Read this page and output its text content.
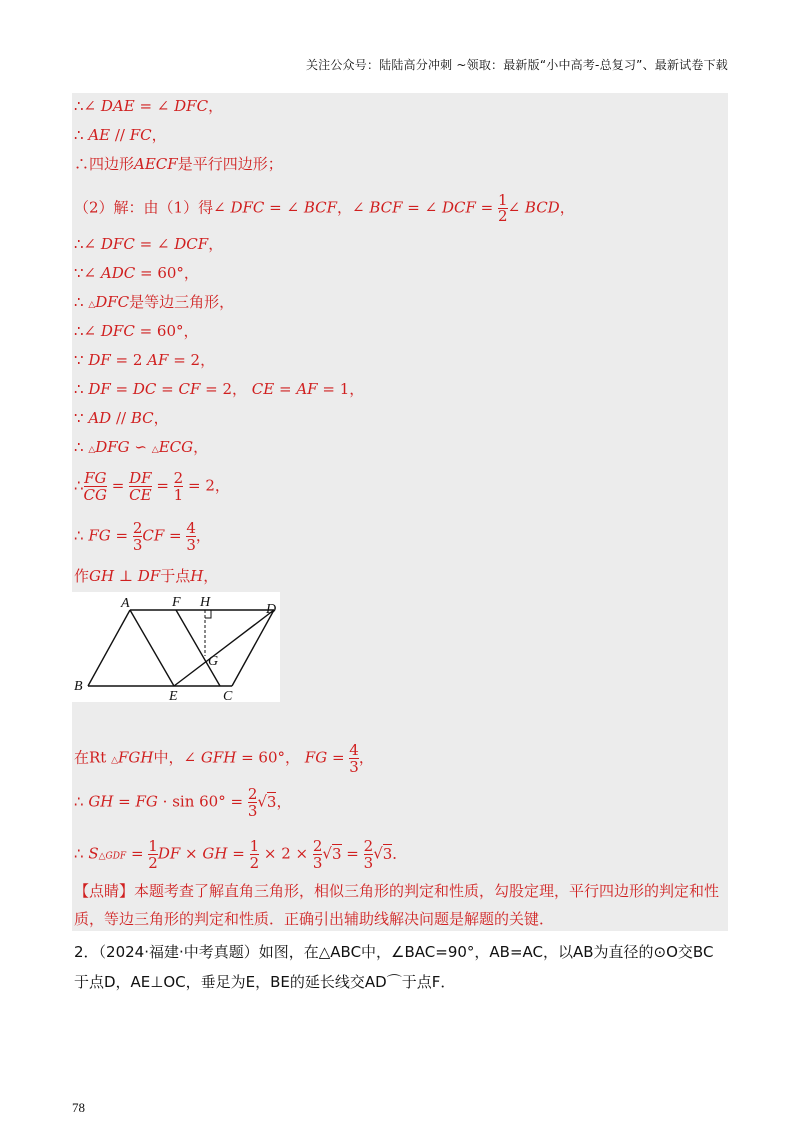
关注公众号：陆陆高分冲刺 ~领取：最新版“小中高考-总复习”、最新试卷下载
∴∠ DAE = ∠ DFC，
∴ AE // FC，
∴四边形AECF是平行四边形；
（2）解：由（1）得∠ DFC = ∠ BCF，∠ BCF = ∠ DCF = $\frac{1}{2}$ ∠ BCD，
∴∠ DFC = ∠ DCF，
∵∠ ADC = 60°，
∴ △DFC是等边三角形，
∴∠ DFC = 60°，
∵ DF = 2 AF = 2，
∴ DF = DC = CF = 2， CE = AF = 1，
∵ AD // BC，
∴ △DFG ∽ △ECG，
∴ $\frac{FG}{CG} = \frac{DF}{CE} = \frac{2}{1} = 2$，
∴ FG = $\frac{2}{3}$ CF = $\frac{4}{3}$ ，
作GH ⊥ DF于点H，
A	F H	D
G
B
E	C
在Rt △FGH中，∠ GFH = 60°， FG = $\frac{4}{3}$ ，
∴ GH = FG · $\sin 60^\circ = \frac{2}{3} √3$，
∴ S△GDF = $\frac{1}{2}$ DF × GH = $\frac{1}{2} \times 2 \times \frac{2}{3} √3 = \frac{2}{3} √3$．
【点睛】本题考查了解直角三角形，相似三角形的判定和性质，勾股定理，平行四边形的判定和性质，等边三角形的判定和性质．正确引出辅助线解决问题是解题的关键．
2．（2024·福建·中考真题）如图，在△ABC中，∠BAC=90°，AB=AC，以AB为直径的⊙O交BC于点D，AE⊥OC，垂足为E，BE的延长线交AD⌒于点F．
78
